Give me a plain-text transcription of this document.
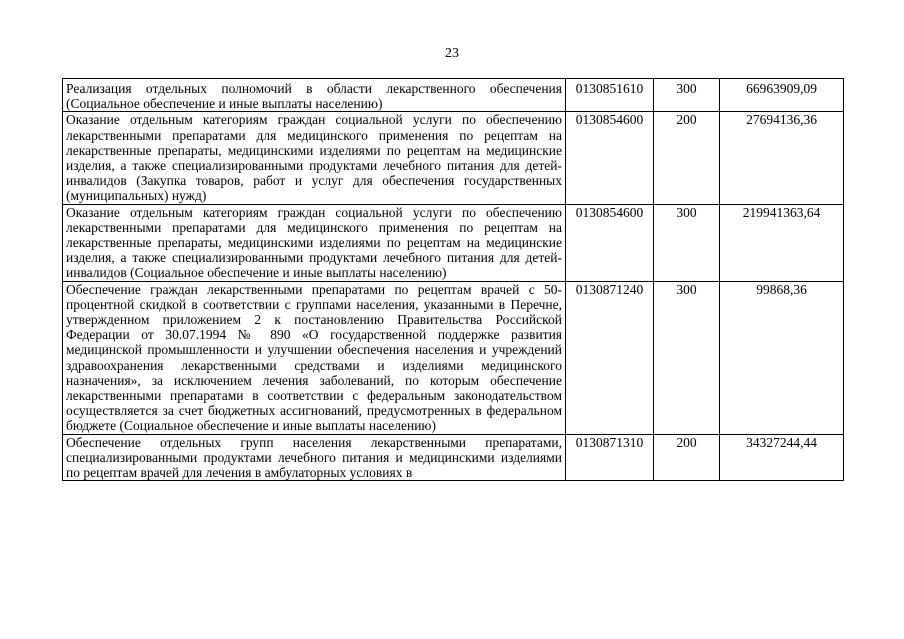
23
Реализация отдельных полномочий в области лекарственного обеспечения (Социальное обеспечение и иные выплаты населению)	0130851610	300	66963909,09
Оказание отдельным категориям граждан социальной услуги по обеспечению лекарственными препаратами для медицинского применения по рецептам на лекарственные препараты, медицинскими изделиями по рецептам на медицинские изделия, а также специализированными продуктами лечебного питания для детей-инвалидов (Закупка товаров, работ и услуг для обеспечения государственных (муниципальных) нужд)	0130854600	200	27694136,36
Оказание отдельным категориям граждан социальной услуги по обеспечению лекарственными препаратами для медицинского применения по рецептам на лекарственные препараты, медицинскими изделиями по рецептам на медицинские изделия, а также специализированными продуктами лечебного питания для детей-инвалидов (Социальное обеспечение и иные выплаты населению)	0130854600	300	219941363,64
Обеспечение граждан лекарственными препаратами по рецептам врачей с 50-процентной скидкой в соответствии с группами населения, указанными в Перечне, утвержденном приложением 2 к постановлению Правительства Российской Федерации от 30.07.1994 № 890 «О государственной поддержке развития медицинской промышленности и улучшении обеспечения населения и учреждений здравоохранения лекарственными средствами и изделиями медицинского назначения», за исключением лечения заболеваний, по которым обеспечение лекарственными препаратами в соответствии с федеральным законодательством осуществляется за счет бюджетных ассигнований, предусмотренных в федеральном бюджете (Социальное обеспечение и иные выплаты населению)	0130871240	300	99868,36
Обеспечение отдельных групп населения лекарственными препаратами, специализированными продуктами лечебного питания и медицинскими изделиями по рецептам врачей для лечения в амбулаторных условиях в	0130871310	200	34327244,44
